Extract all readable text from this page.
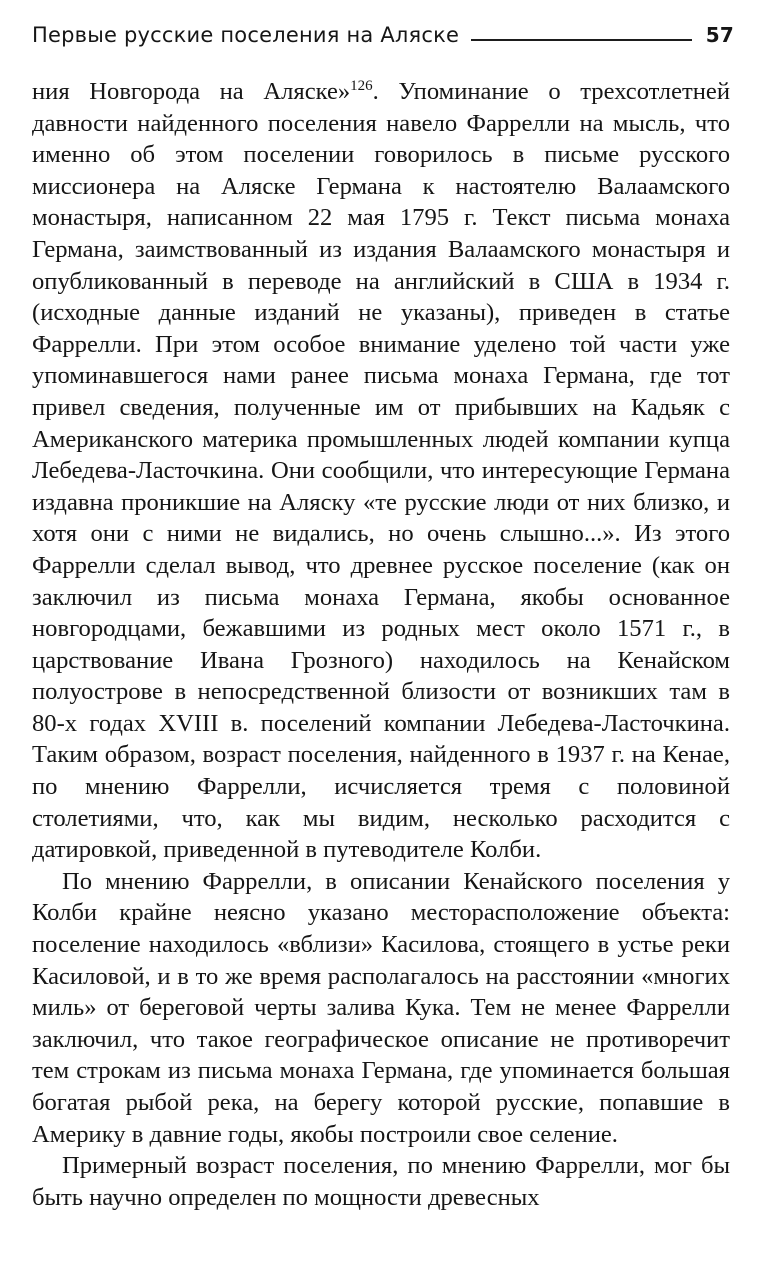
Первые русские поселения на Аляске	57

ния Новгорода на Аляске»$^{126}$. Упоминание о трехсотлетней давности найденного поселения навело Фаррелли на мысль, что именно об этом поселении говорилось в письме русского миссионера на Аляске Германа к настоятелю Валаамского монастыря, написанном 22 мая 1795 г. Текст письма монаха Германа, заимствованный из издания Валаамского монастыря и опубликованный в переводе на английский в США в 1934 г. (исходные данные изданий не указаны), приведен в статье Фаррелли. При этом особое внимание уделено той части уже упоминавшегося нами ранее письма монаха Германа, где тот привел сведения, полученные им от прибывших на Кадьяк с Американского материка промышленных людей компании купца Лебедева-Ласточкина. Они сообщили, что интересующие Германа издавна проникшие на Аляску «те русские люди от них близко, и хотя они с ними не видались, но очень слышно...». Из этого Фаррелли сделал вывод, что древнее русское поселение (как он заключил из письма монаха Германа, якобы основанное новгородцами, бежавшими из родных мест около 1571 г., в царствование Ивана Грозного) находилось на Кенайском полуострове в непосредственной близости от возникших там в 80-х годах XVIII в. поселений компании Лебедева-Ласточкина. Таким образом, возраст поселения, найденного в 1937 г. на Кенае, по мнению Фаррелли, исчисляется тремя с половиной столетиями, что, как мы видим, несколько расходится с датировкой, приведенной в путеводителе Колби.

По мнению Фаррелли, в описании Кенайского поселения у Колби крайне неясно указано месторасположение объекта: поселение находилось «вблизи» Касилова, стоящего в устье реки Касиловой, и в то же время располагалось на расстоянии «многих миль» от береговой черты залива Кука. Тем не менее Фаррелли заключил, что такое географическое описание не противоречит тем строкам из письма монаха Германа, где упоминается большая богатая рыбой река, на берегу которой русские, попавшие в Америку в давние годы, якобы построили свое селение.

Примерный возраст поселения, по мнению Фаррелли, мог бы быть научно определен по мощности древесных
